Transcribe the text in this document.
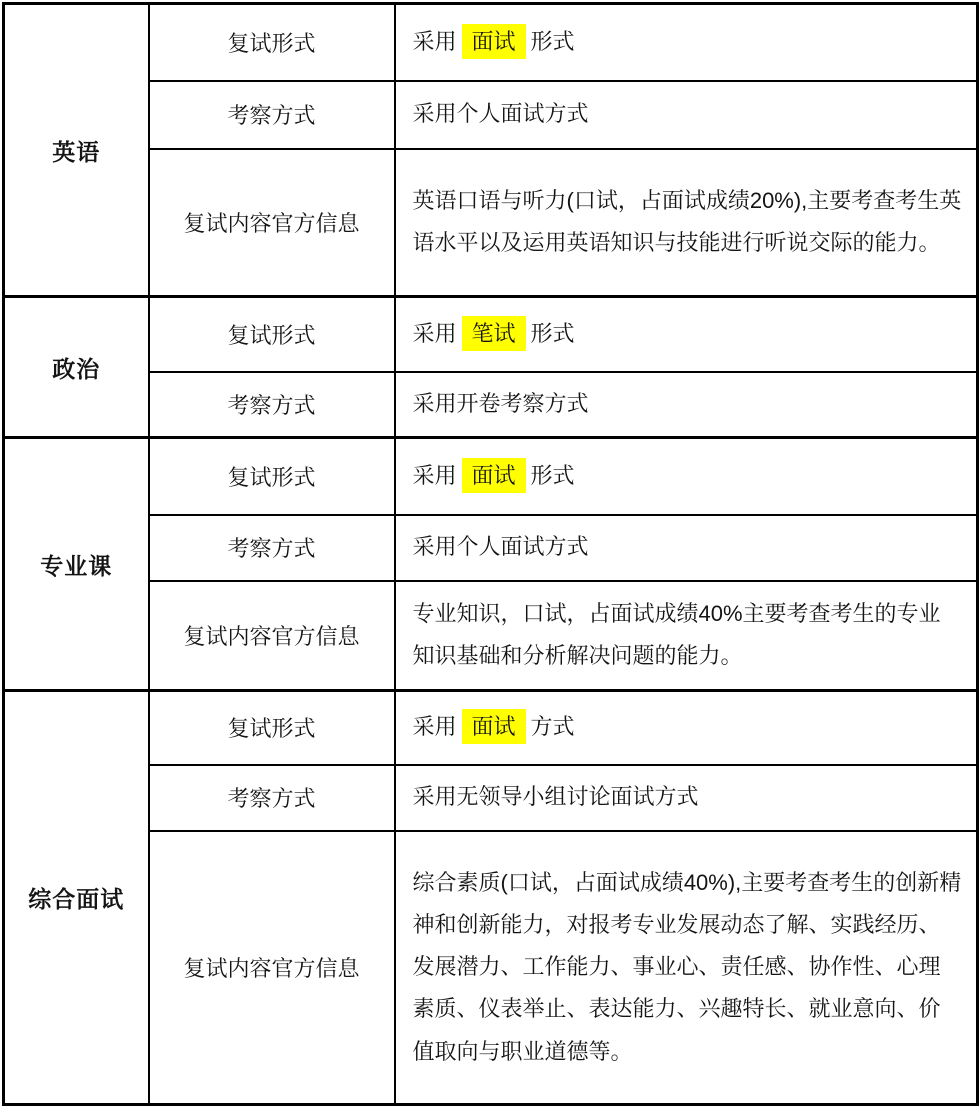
英语	复试形式	采用 面试 形式
	考察方式	采用个人面试方式
	复试内容官方信息	英语口语与听力(口试，占面试成绩20%),主要考查考生英语水平以及运用英语知识与技能进行听说交际的能力。
政治	复试形式	采用 笔试 形式
	考察方式	采用开卷考察方式
专业课	复试形式	采用 面试 形式
	考察方式	采用个人面试方式
	复试内容官方信息	专业知识，口试，占面试成绩40%主要考查考生的专业知识基础和分析解决问题的能力。
综合面试	复试形式	采用 面试 方式
	考察方式	采用无领导小组讨论面试方式
	复试内容官方信息	综合素质(口试，占面试成绩40%),主要考查考生的创新精神和创新能力，对报考专业发展动态了解、实践经历、发展潜力、工作能力、事业心、责任感、协作性、心理素质、仪表举止、表达能力、兴趣特长、就业意向、价值取向与职业道德等。
